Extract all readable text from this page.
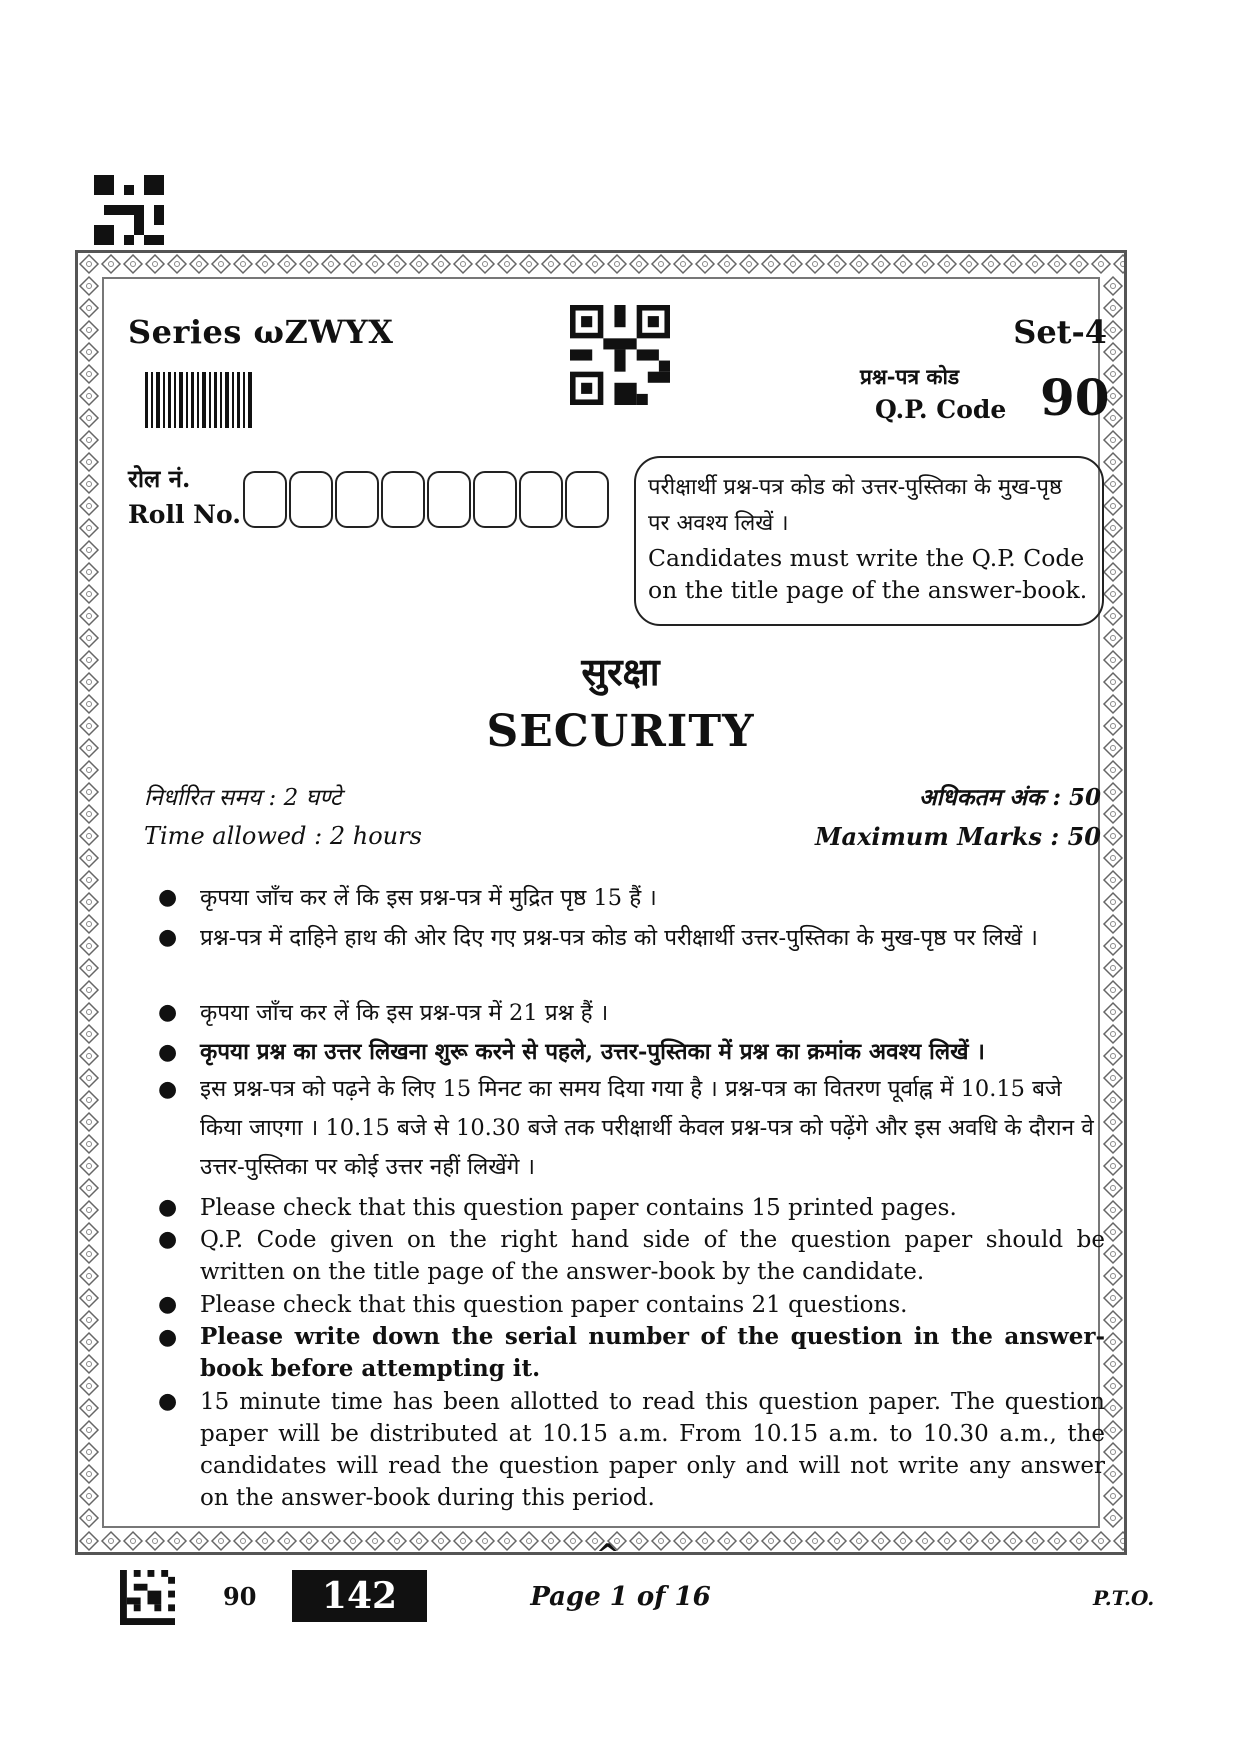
Series ωZWYX	Set-4
प्रश्न-पत्र कोड
Q.P. Code 90
रोल नं.
Roll No.
परीक्षार्थी प्रश्न-पत्र कोड को उत्तर-पुस्तिका के मुख-पृष्ठ पर अवश्य लिखें ।
Candidates must write the Q.P. Code on the title page of the answer-book.
सुरक्षा
SECURITY
निर्धारित समय : 2 घण्टे	अधिकतम अंक : 50
Time allowed : 2 hours	Maximum Marks : 50
● कृपया जाँच कर लें कि इस प्रश्न-पत्र में मुद्रित पृष्ठ 15 हैं ।
● प्रश्न-पत्र में दाहिने हाथ की ओर दिए गए प्रश्न-पत्र कोड को परीक्षार्थी उत्तर-पुस्तिका के मुख-पृष्ठ पर लिखें ।
● कृपया जाँच कर लें कि इस प्रश्न-पत्र में 21 प्रश्न हैं ।
● कृपया प्रश्न का उत्तर लिखना शुरू करने से पहले, उत्तर-पुस्तिका में प्रश्न का क्रमांक अवश्य लिखें ।
● इस प्रश्न-पत्र को पढ़ने के लिए 15 मिनट का समय दिया गया है । प्रश्न-पत्र का वितरण पूर्वाह्न में 10.15 बजे किया जाएगा । 10.15 बजे से 10.30 बजे तक परीक्षार्थी केवल प्रश्न-पत्र को पढ़ेंगे और इस अवधि के दौरान वे उत्तर-पुस्तिका पर कोई उत्तर नहीं लिखेंगे ।
● Please check that this question paper contains 15 printed pages.
● Q.P. Code given on the right hand side of the question paper should be written on the title page of the answer-book by the candidate.
● Please check that this question paper contains 21 questions.
● Please write down the serial number of the question in the answer-book before attempting it.
● 15 minute time has been allotted to read this question paper. The question paper will be distributed at 10.15 a.m. From 10.15 a.m. to 10.30 a.m., the candidates will read the question paper only and will not write any answer on the answer-book during this period.
^
90	142	Page 1 of 16	P.T.O.
